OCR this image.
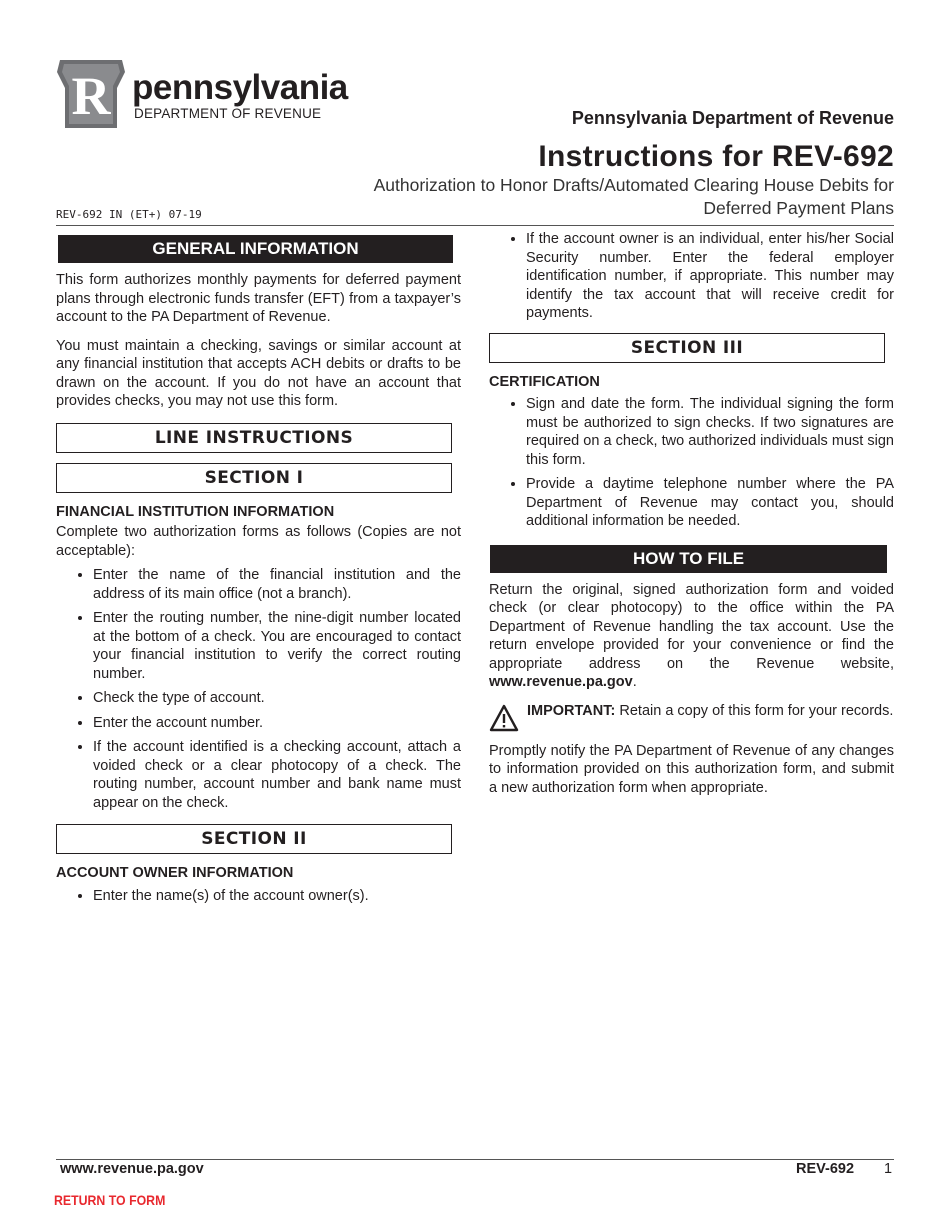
R pennsylvania
DEPARTMENT OF REVENUE	Pennsylvania Department of Revenue
Instructions for REV-692
Authorization to Honor Drafts/Automated Clearing House Debits for Deferred Payment Plans
REV-692 IN (ET+) 07-19
GENERAL INFORMATION

This form authorizes monthly payments for deferred payment plans through electronic funds transfer (EFT) from a taxpayer’s account to the PA Department of Revenue.

You must maintain a checking, savings or similar account at any financial institution that accepts ACH debits or drafts to be drawn on the account. If you do not have an account that provides checks, you may not use this form.

LINE INSTRUCTIONS
SECTION I
FINANCIAL INSTITUTION INFORMATION

Complete two authorization forms as follows (Copies are not acceptable):

• Enter the name of the financial institution and the address of its main office (not a branch).
• Enter the routing number, the nine-digit number located at the bottom of a check. You are encouraged to contact your financial institution to verify the correct routing number.
• Check the type of account.
• Enter the account number.
• If the account identified is a checking account, attach a voided check or a clear photocopy of a check. The routing number, account number and bank name must appear on the check.
SECTION II
ACCOUNT OWNER INFORMATION
• Enter the name(s) of the account owner(s).
• If the account owner is an individual, enter his/her Social Security number. Enter the federal employer identification number, if appropriate. This number may identify the tax account that will receive credit for payments.
SECTION III
CERTIFICATION
• Sign and date the form. The individual signing the form must be authorized to sign checks. If two signatures are required on a check, two authorized individuals must sign this form.
• Provide a daytime telephone number where the PA Department of Revenue may contact you, should additional information be needed.
HOW TO FILE

Return the original, signed authorization form and voided check (or clear photocopy) to the office within the PA Department of Revenue handling the tax account. Use the return envelope provided for your convenience or find the appropriate address on the Revenue website, www.revenue.pa.gov.

IMPORTANT: Retain a copy of this form for your records.

Promptly notify the PA Department of Revenue of any changes to information provided on this authorization form, and submit a new authorization form when appropriate.

www.revenue.pa.gov	REV-692 1
RETURN TO FORM
